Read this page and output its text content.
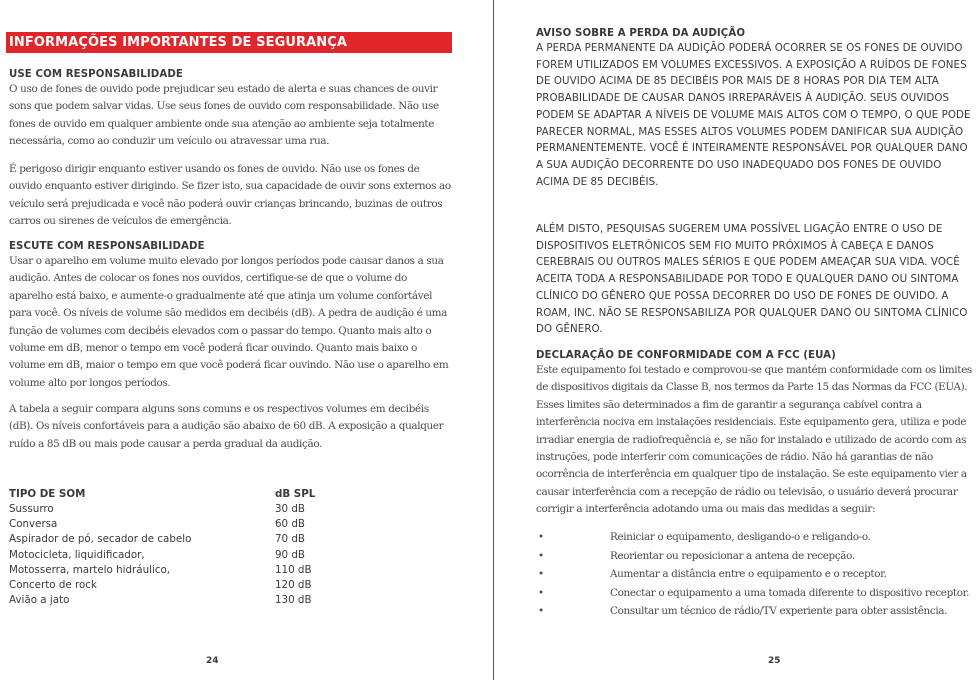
INFORMAÇÕES IMPORTANTES DE SEGURANÇA
USE COM RESPONSABILIDADE
O uso de fones de ouvido pode prejudicar seu estado de alerta e suas chances de ouvir sons que podem salvar vidas. Use seus fones de ouvido com responsabilidade. Não use fones de ouvido em qualquer ambiente onde sua atenção ao ambiente seja totalmente necessária, como ao conduzir um veículo ou atravessar uma rua.
É perigoso dirigir enquanto estiver usando os fones de ouvido. Não use os fones de ouvido enquanto estiver dirigindo. Se fizer isto, sua capacidade de ouvir sons externos ao veículo será prejudicada e você não poderá ouvir crianças brincando, buzinas de outros carros ou sirenes de veículos de emergência.
ESCUTE COM RESPONSABILIDADE
Usar o aparelho em volume muito elevado por longos períodos pode causar danos a sua audição. Antes de colocar os fones nos ouvidos, certifique-se de que o volume do aparelho está baixo, e aumente-o gradualmente até que atinja um volume confortável para você. Os níveis de volume são medidos em decibéis (dB). A pedra de audição é uma função de volumes com decibéis elevados com o passar do tempo. Quanto mais alto o volume em dB, menor o tempo em você poderá ficar ouvindo. Quanto mais baixo o volume em dB, maior o tempo em que você poderá ficar ouvindo. Não use o aparelho em volume alto por longos períodos.
A tabela a seguir compara alguns sons comuns e os respectivos volumes em decibéis (dB). Os níveis confortáveis para a audição são abaixo de 60 dB. A exposição a qualquer ruído a 85 dB ou mais pode causar a perda gradual da audição.
TIPO DE SOM	dB SPL
Sussurro	30 dB
Conversa	60 dB
Aspirador de pó, secador de cabelo	70 dB
Motocicleta, liquidificador,	90 dB
Motosserra, martelo hidráulico,	110 dB
Concerto de rock	120 dB
Avião a jato	130 dB
24
AVISO SOBRE A PERDA DA AUDIÇÃO
A PERDA PERMANENTE DA AUDIÇÃO PODERÁ OCORRER SE OS FONES DE OUVIDO FOREM UTILIZADOS EM VOLUMES EXCESSIVOS. A EXPOSIÇÃO A RUÍDOS DE FONES DE OUVIDO ACIMA DE 85 DECIBÉIS POR MAIS DE 8 HORAS POR DIA TEM ALTA PROBABILIDADE DE CAUSAR DANOS IRREPARÁVEIS À AUDIÇÃO. SEUS OUVIDOS PODEM SE ADAPTAR A NÍVEIS DE VOLUME MAIS ALTOS COM O TEMPO, O QUE PODE PARECER NORMAL, MAS ESSES ALTOS VOLUMES PODEM DANIFICAR SUA AUDIÇÃO PERMANENTEMENTE. VOCÊ É INTEIRAMENTE RESPONSÁVEL POR QUALQUER DANO A SUA AUDIÇÃO DECORRENTE DO USO INADEQUADO DOS FONES DE OUVIDO ACIMA DE 85 DECIBÉIS.
ALÉM DISTO, PESQUISAS SUGEREM UMA POSSÍVEL LIGAÇÃO ENTRE O USO DE DISPOSITIVOS ELETRÔNICOS SEM FIO MUITO PRÓXIMOS À CABEÇA E DANOS CEREBRAIS OU OUTROS MALES SÉRIOS E QUE PODEM AMEAÇAR SUA VIDA. VOCÊ ACEITA TODA A RESPONSABILIDADE POR TODO E QUALQUER DANO OU SINTOMA CLÍNICO DO GÊNERO QUE POSSA DECORRER DO USO DE FONES DE OUVIDO. A ROAM, INC. NÃO SE RESPONSABILIZA POR QUALQUER DANO OU SINTOMA CLÍNICO DO GÊNERO.
DECLARAÇÃO DE CONFORMIDADE COM A FCC (EUA)
Este equipamento foi testado e comprovou-se que mantém conformidade com os limites de dispositivos digitais da Classe B, nos termos da Parte 15 das Normas da FCC (EUA). Esses limites são determinados a fim de garantir a segurança cabível contra a interferência nociva em instalações residenciais. Este equipamento gera, utiliza e pode irradiar energia de radiofrequência e, se não for instalado e utilizado de acordo com as instruções, pode interferir com comunicações de rádio. Não há garantias de não ocorrência de interferência em qualquer tipo de instalação. Se este equipamento vier a causar interferência com a recepção de rádio ou televisão, o usuário deverá procurar corrigir a interferência adotando uma ou mais das medidas a seguir:
•	Reiniciar o equipamento, desligando-o e religando-o.
•	Reorientar ou reposicionar a antena de recepção.
•	Aumentar a distância entre o equipamento e o receptor.
•	Conectar o equipamento a uma tomada diferente to dispositivo receptor.
•	Consultar um técnico de rádio/TV experiente para obter assistência.
25
